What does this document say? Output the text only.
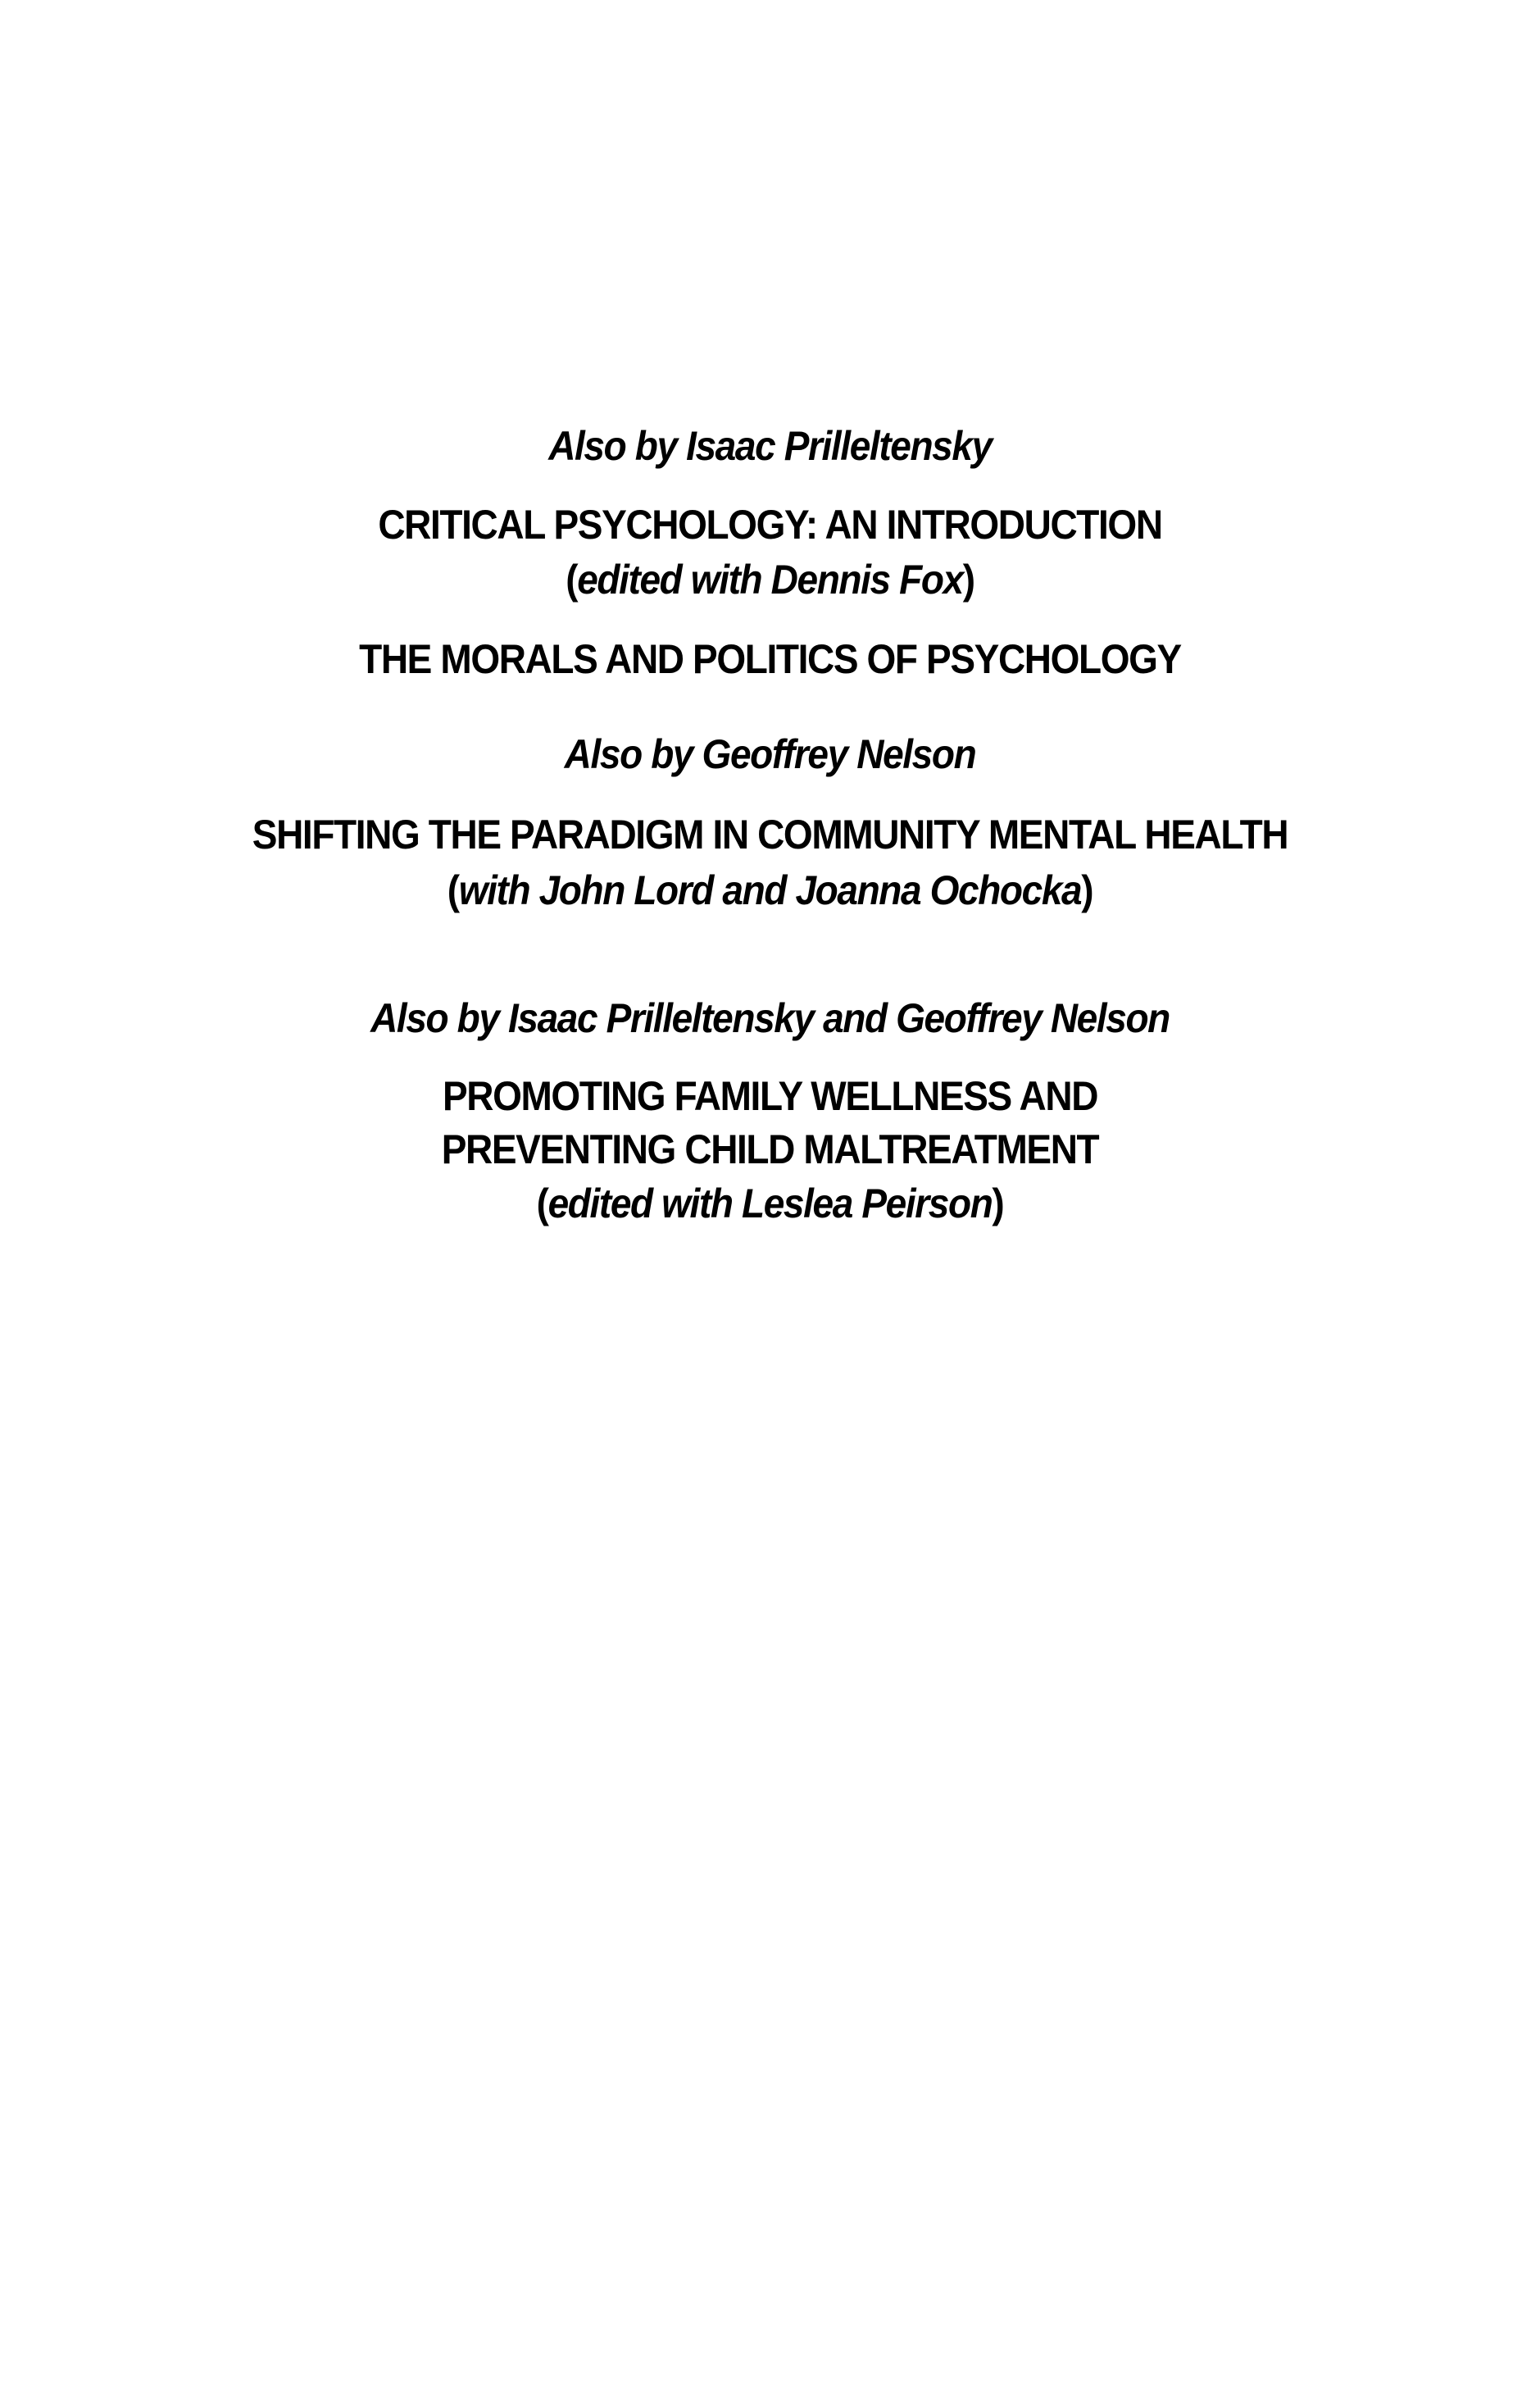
Also by Isaac Prilleltensky
CRITICAL PSYCHOLOGY: AN INTRODUCTION
(edited with Dennis Fox)
THE MORALS AND POLITICS OF PSYCHOLOGY
Also by Geoffrey Nelson
SHIFTING THE PARADIGM IN COMMUNITY MENTAL HEALTH
(with John Lord and Joanna Ochocka)
Also by Isaac Prilleltensky and Geoffrey Nelson
PROMOTING FAMILY WELLNESS AND
PREVENTING CHILD MALTREATMENT
(edited with Leslea Peirson)
